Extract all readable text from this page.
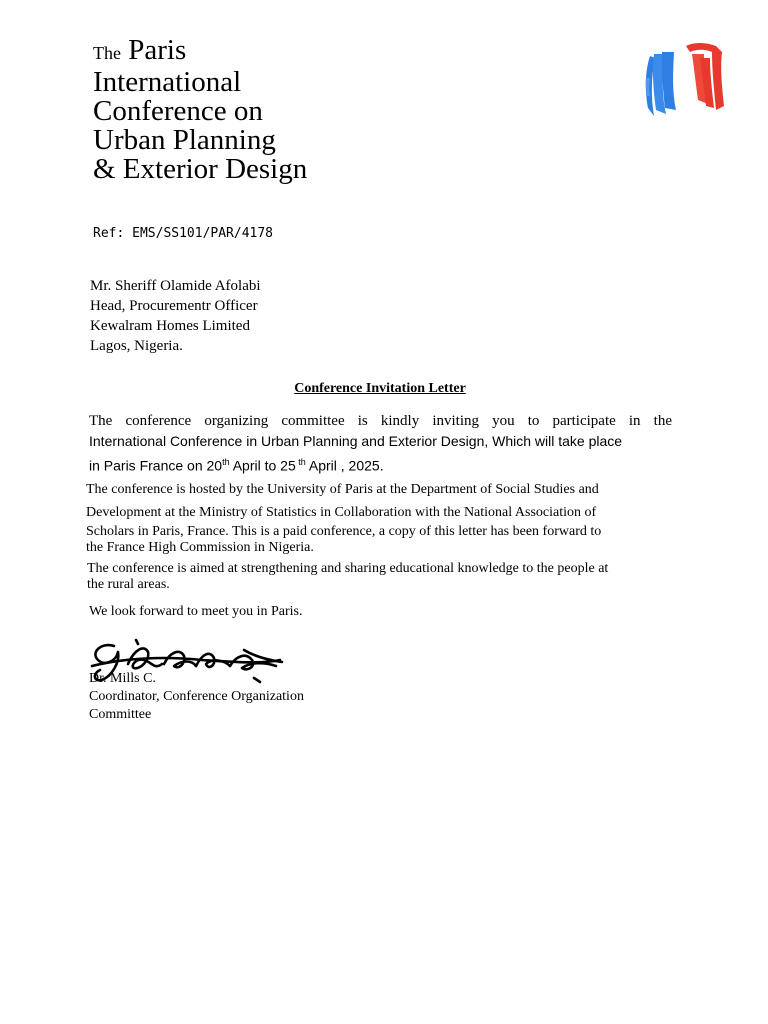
The Paris
International
Conference on
Urban Planning
& Exterior Design
Ref: EMS/SS101/PAR/4178
Mr. Sheriff Olamide Afolabi
Head, Procurementr Officer
Kewalram Homes Limited
Lagos, Nigeria.
Conference Invitation Letter
The conference organizing committee is kindly inviting you to participate in the
International Conference in Urban Planning and Exterior Design, Which will take place
in Paris France on 20th April to 25 $^{th}$ April , 2025.
The conference is hosted by the University of Paris at the Department of Social Studies and
Development at the Ministry of Statistics in Collaboration with the National Association of
Scholars in Paris, France. This is a paid conference, a copy of this letter has been forward to
the France High Commission in Nigeria.
The conference is aimed at strengthening and sharing educational knowledge to the people at
the rural areas.
We look forward to meet you in Paris.
Dr. Mills C.
Coordinator, Conference Organization
Committee
